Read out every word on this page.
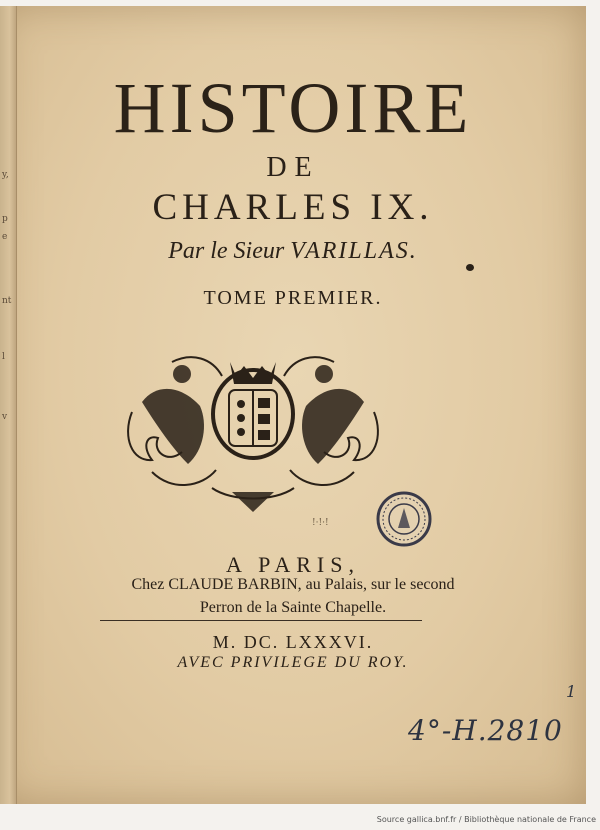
y,
p
e
nt
l
v
HISTOIRE
DE
CHARLES IX.
Par le Sieur VARILLAS.
TOME PREMIER.
!·!·!
A PARIS,
Chez CLAUDE BARBIN, au Palais, sur le second
Perron de la Sainte Chapelle.
M. DC. LXXXVI.
AVEC PRIVILEGE DU ROY.
1
4°-H.2810
Source gallica.bnf.fr / Bibliothèque nationale de France
